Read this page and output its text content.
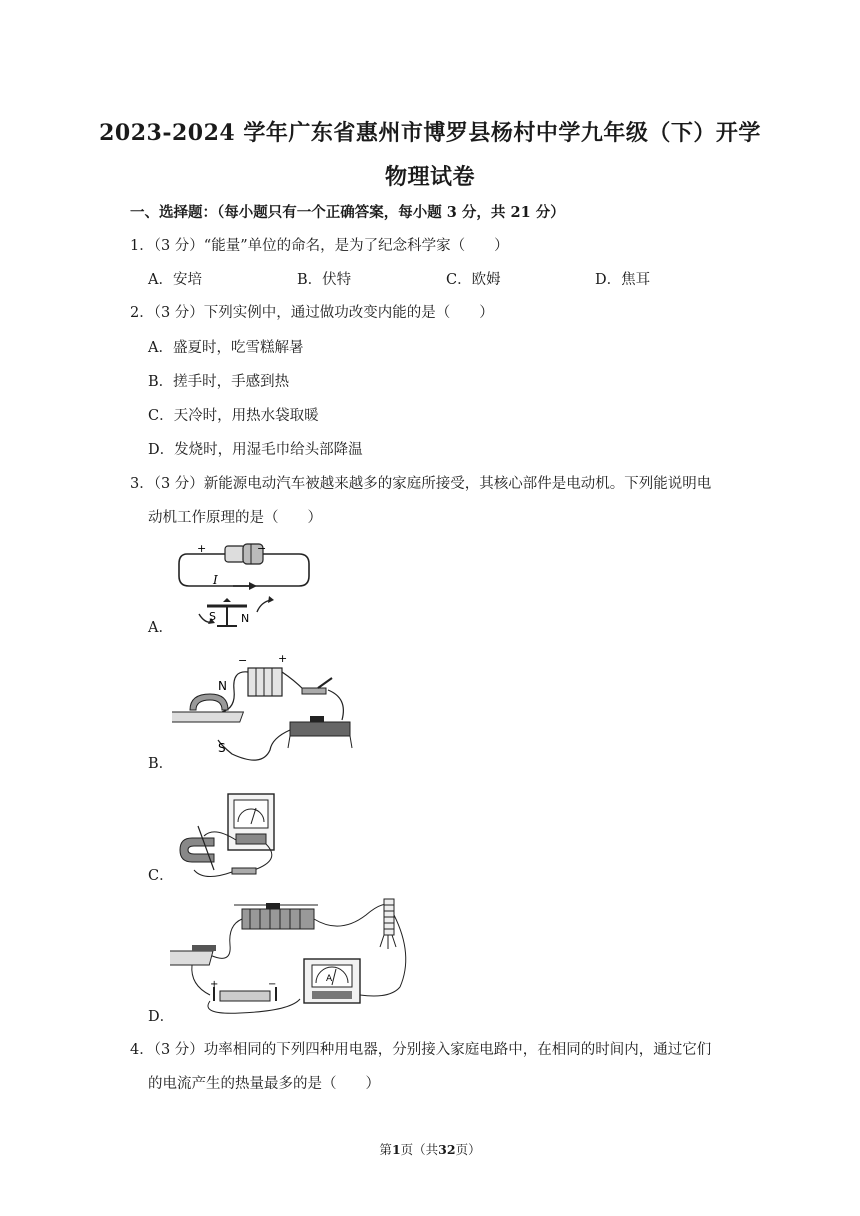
2023-2024 学年广东省惠州市博罗县杨村中学九年级（下）开学
物理试卷
一、选择题：（每小题只有一个正确答案，每小题 3 分，共 21 分）
1．（3 分）“能量”单位的命名，是为了纪念科学家（　　）
A．安培	B．伏特	C．欧姆	D．焦耳
2．（3 分）下列实例中，通过做功改变内能的是（　　）
A．盛夏时，吃雪糕解暑
B．搓手时，手感到热
C．天冷时，用热水袋取暖
D．发烧时，用湿毛巾给头部降温
3．（3 分）新能源电动汽车被越来越多的家庭所接受，其核心部件是电动机。下列能说明电
动机工作原理的是（　　）
+	−
I
S N
A．
−	+
N
S
B．
C．
+	−	A
D．
4．（3 分）功率相同的下列四种用电器，分别接入家庭电路中，在相同的时间内，通过它们
的电流产生的热量最多的是（　　）
第1页（共32页）
